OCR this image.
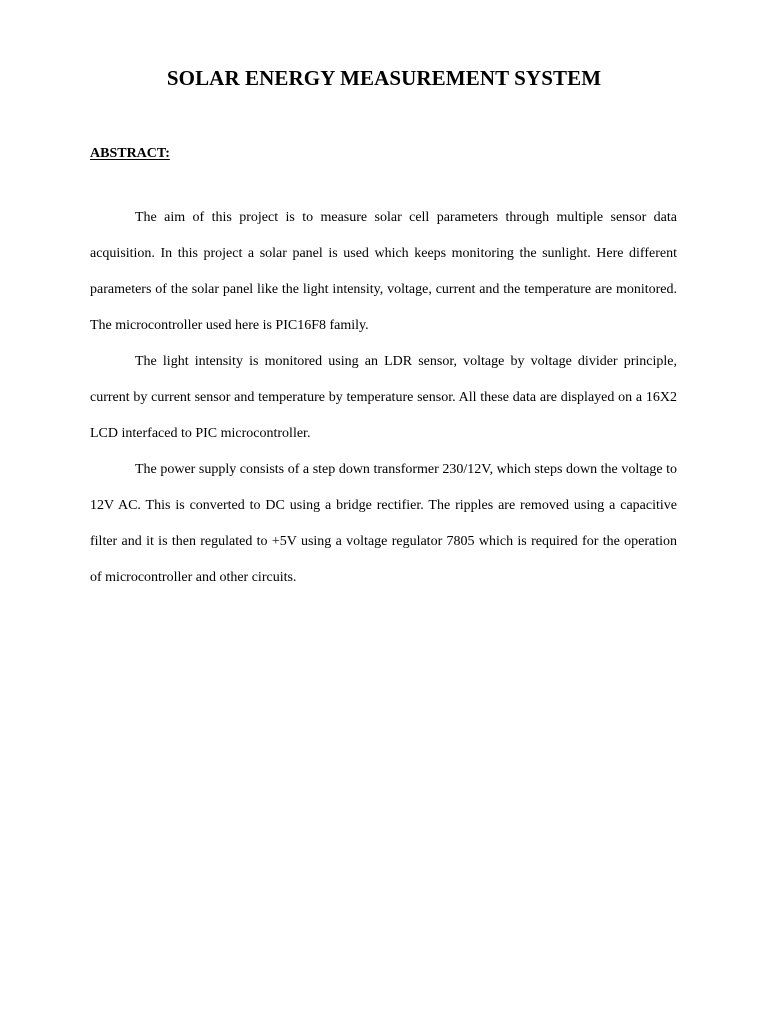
SOLAR ENERGY MEASUREMENT SYSTEM
ABSTRACT:

The aim of this project is to measure solar cell parameters through multiple sensor data acquisition. In this project a solar panel is used which keeps monitoring the sunlight. Here different parameters of the solar panel like the light intensity, voltage, current and the temperature are monitored. The microcontroller used here is PIC16F8 family.

The light intensity is monitored using an LDR sensor, voltage by voltage divider principle, current by current sensor and temperature by temperature sensor. All these data are displayed on a 16X2 LCD interfaced to PIC microcontroller.

The power supply consists of a step down transformer 230/12V, which steps down the voltage to 12V AC. This is converted to DC using a bridge rectifier. The ripples are removed using a capacitive filter and it is then regulated to +5V using a voltage regulator 7805 which is required for the operation of microcontroller and other circuits.
